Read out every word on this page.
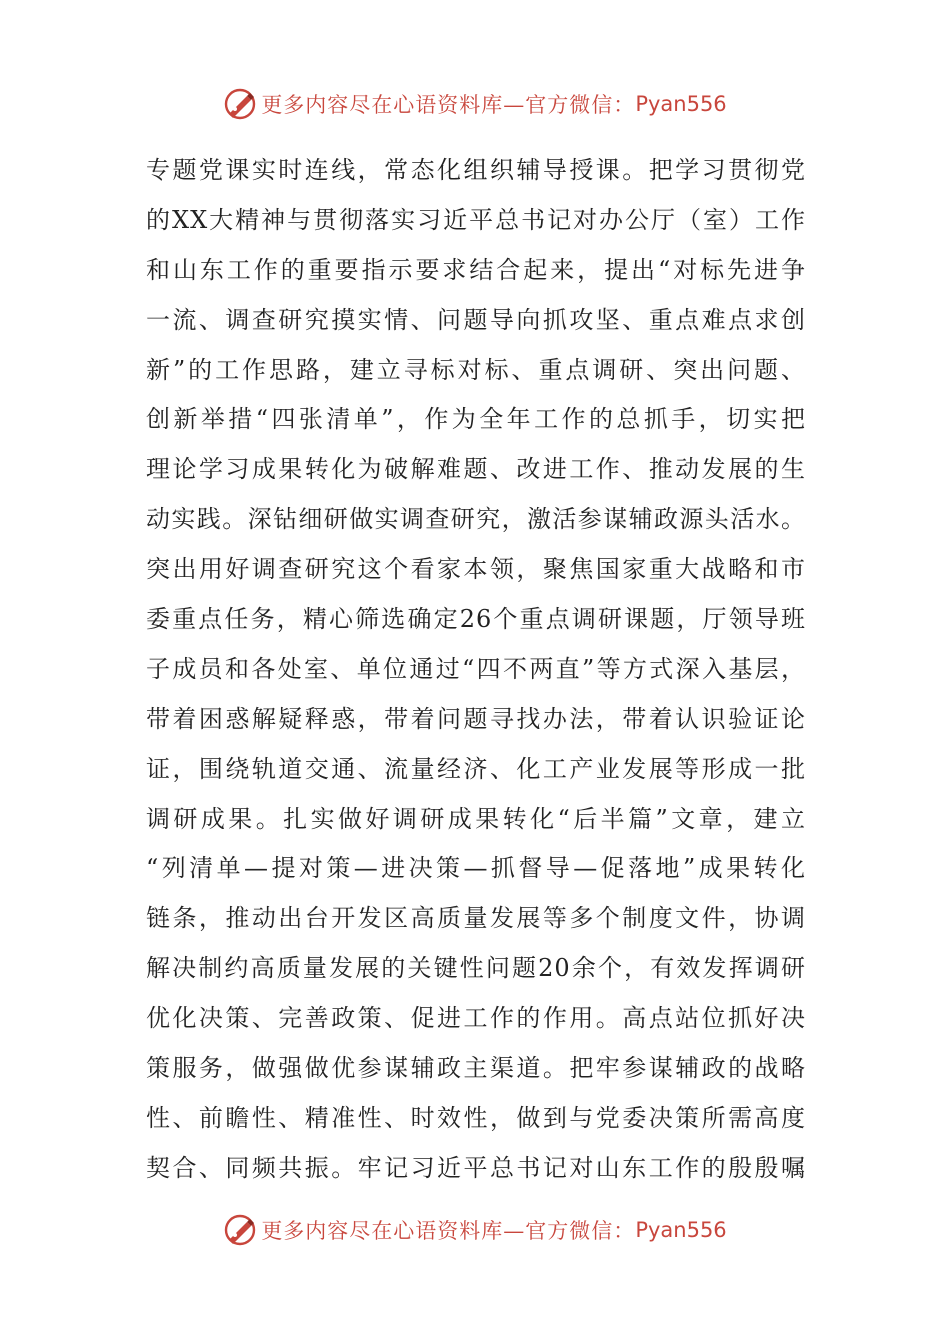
更多内容尽在心语资料库—官方微信： Pyan556
专题党课实时连线，常态化组织辅导授课。把学习贯彻党
的XX大精神与贯彻落实习近平总书记对办公厅（室）工作
和山东工作的重要指示要求结合起来，提出“对标先进争
一流、调查研究摸实情、问题导向抓攻坚、重点难点求创
新”的工作思路，建立寻标对标、重点调研、突出问题、
创新举措“四张清单”，作为全年工作的总抓手，切实把
理论学习成果转化为破解难题、改进工作、推动发展的生
动实践。深钻细研做实调查研究，激活参谋辅政源头活水。
突出用好调查研究这个看家本领，聚焦国家重大战略和市
委重点任务，精心筛选确定26个重点调研课题，厅领导班
子成员和各处室、单位通过“四不两直”等方式深入基层，
带着困惑解疑释惑，带着问题寻找办法，带着认识验证论
证，围绕轨道交通、流量经济、化工产业发展等形成一批
调研成果。扎实做好调研成果转化“后半篇”文章，建立
“列清单—提对策—进决策—抓督导—促落地”成果转化
链条，推动出台开发区高质量发展等多个制度文件，协调
解决制约高质量发展的关键性问题20余个，有效发挥调研
优化决策、完善政策、促进工作的作用。高点站位抓好决
策服务，做强做优参谋辅政主渠道。把牢参谋辅政的战略
性、前瞻性、精准性、时效性，做到与党委决策所需高度
契合、同频共振。牢记习近平总书记对山东工作的殷殷嘱
更多内容尽在心语资料库—官方微信： Pyan556
